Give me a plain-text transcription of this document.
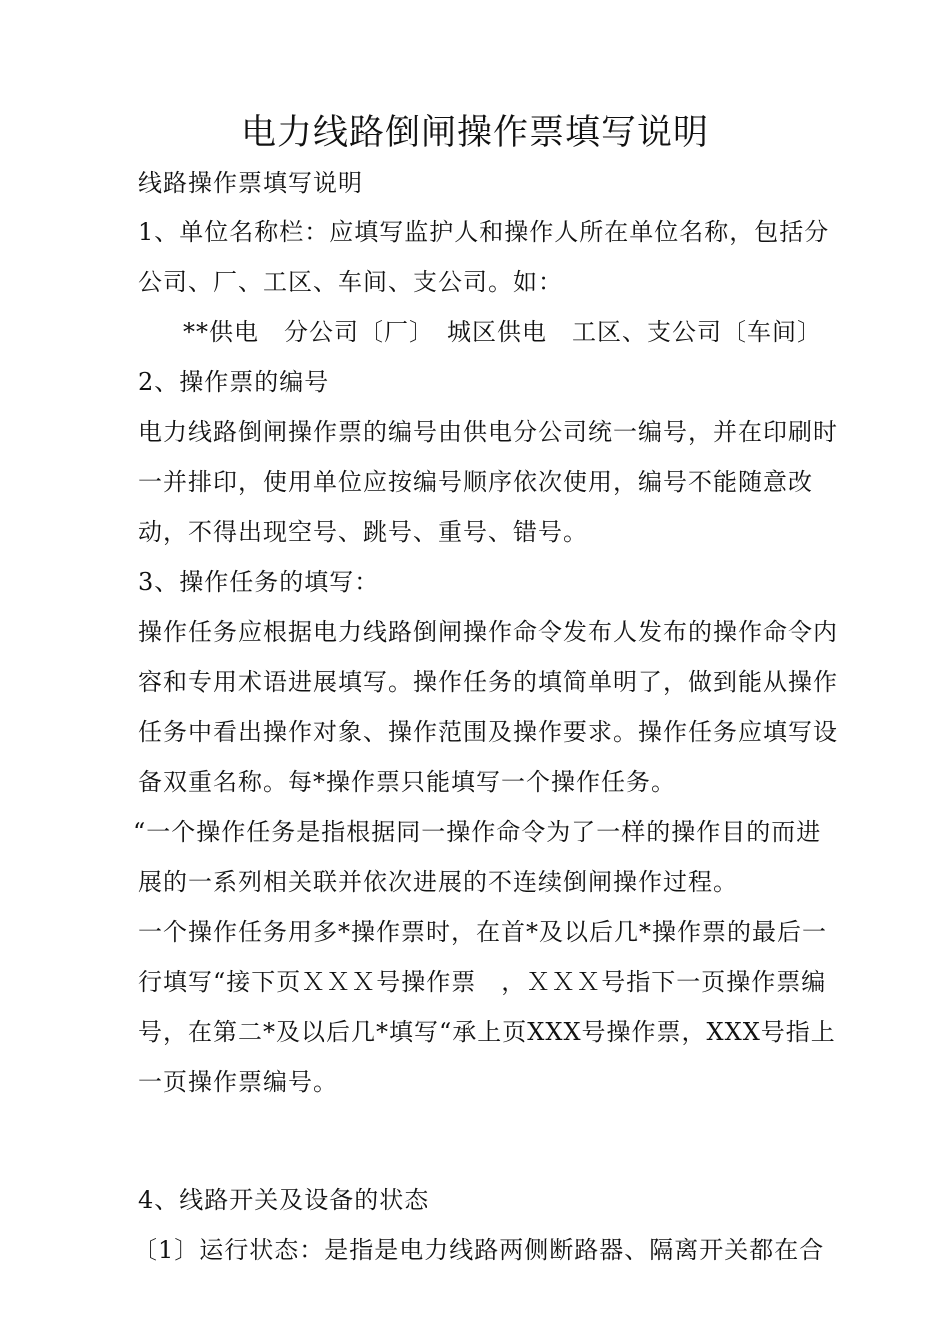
电力线路倒闸操作票填写说明
线路操作票填写说明
1、单位名称栏：应填写监护人和操作人所在单位名称，包括分
公司、厂、工区、车间、支公司。如：
**供电　分公司〔厂〕　城区供电　工区、支公司〔车间〕
2、操作票的编号
电力线路倒闸操作票的编号由供电分公司统一编号，并在印刷时
一并排印，使用单位应按编号顺序依次使用，编号不能随意改
动，不得出现空号、跳号、重号、错号。
3、操作任务的填写：
操作任务应根据电力线路倒闸操作命令发布人发布的操作命令内
容和专用术语进展填写。操作任务的填简单明了，做到能从操作
任务中看出操作对象、操作范围及操作要求。操作任务应填写设
备双重名称。每*操作票只能填写一个操作任务。
“一个操作任务是指根据同一操作命令为了一样的操作目的而进
展的一系列相关联并依次进展的不连续倒闸操作过程。
一个操作任务用多*操作票时，在首*及以后几*操作票的最后一
行填写“接下页ＸＸＸ号操作票　，ＸＸＸ号指下一页操作票编
号，在第二*及以后几*填写“承上页XXX号操作票，XXX号指上
一页操作票编号。
4、线路开关及设备的状态
〔1〕运行状态：是指是电力线路两侧断路器、隔离开关都在合
